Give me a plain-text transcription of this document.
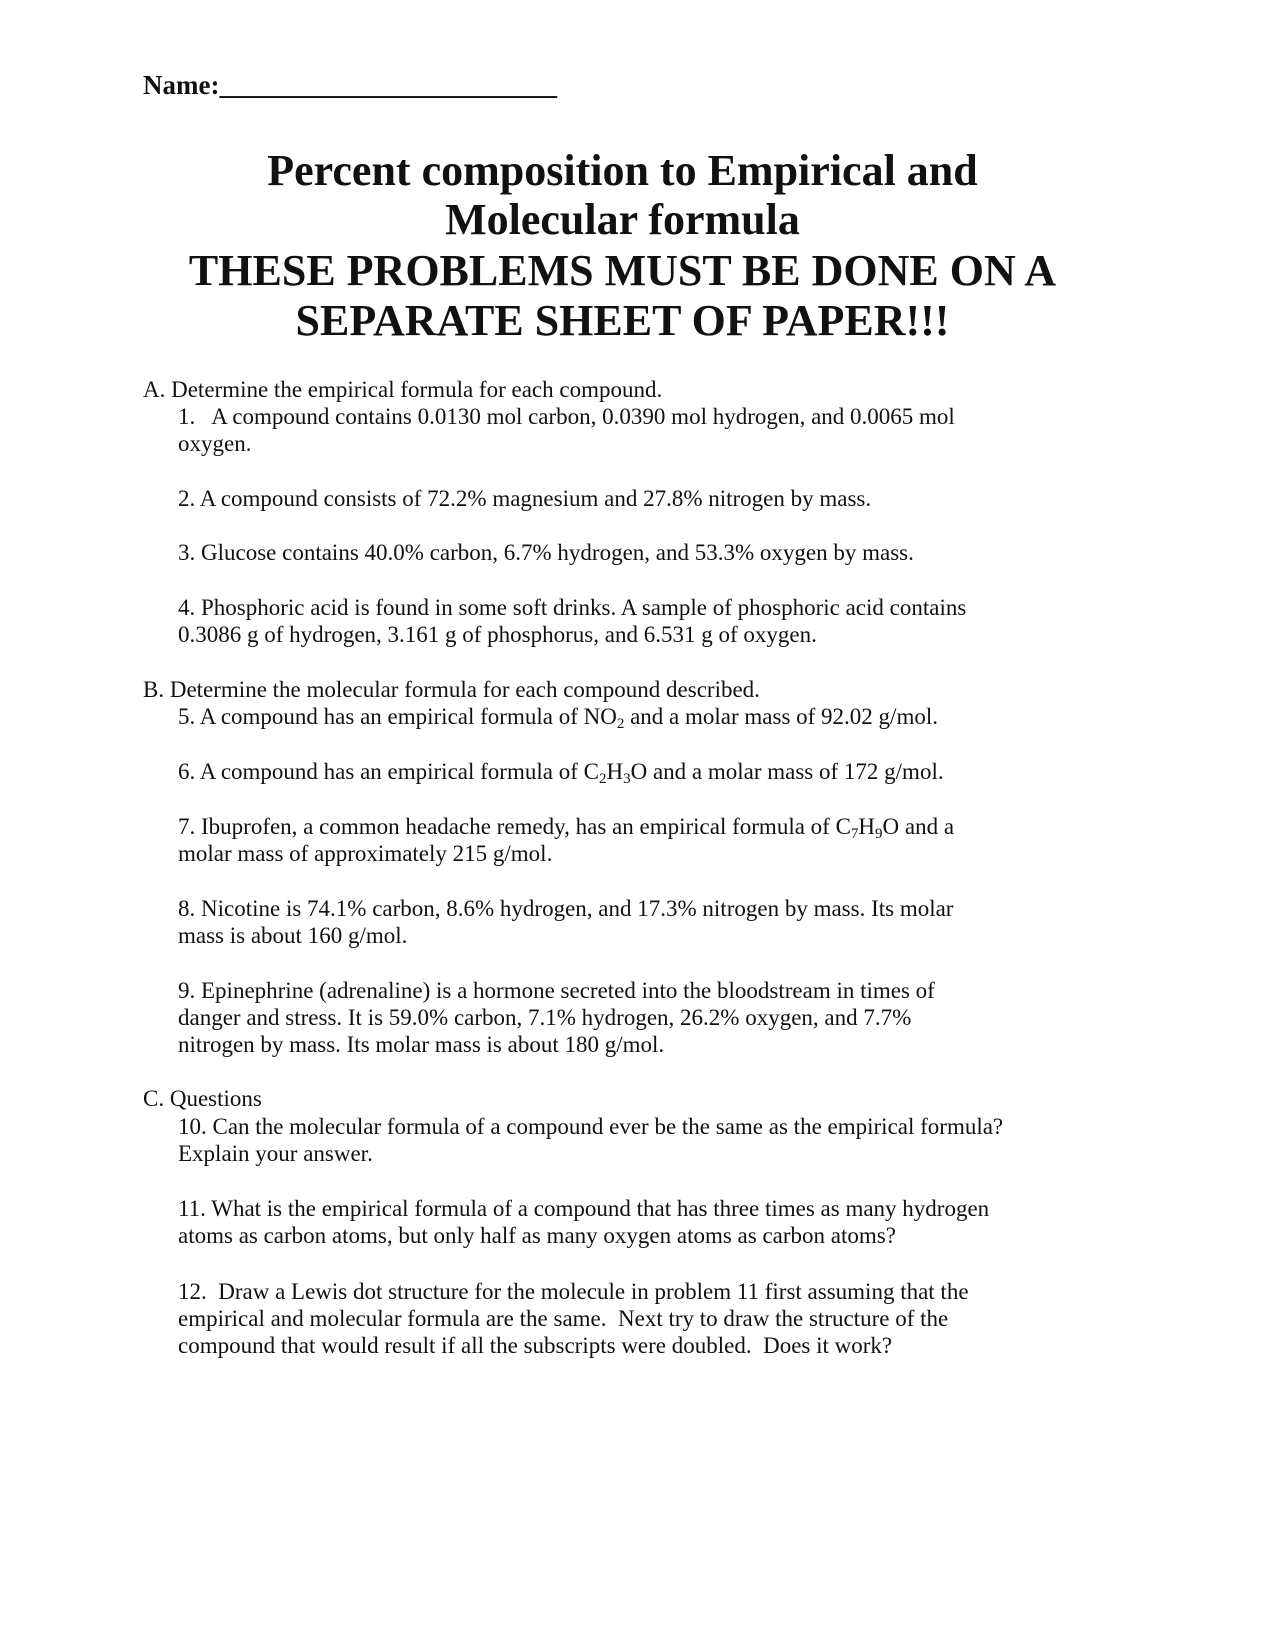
Name:_________________________
Percent composition to Empirical and
Molecular formula
THESE PROBLEMS MUST BE DONE ON A
SEPARATE SHEET OF PAPER!!!
A. Determine the empirical formula for each compound.
1.   A compound contains 0.0130 mol carbon, 0.0390 mol hydrogen, and 0.0065 mol
oxygen.
2. A compound consists of 72.2% magnesium and 27.8% nitrogen by mass.
3. Glucose contains 40.0% carbon, 6.7% hydrogen, and 53.3% oxygen by mass.
4. Phosphoric acid is found in some soft drinks. A sample of phosphoric acid contains
0.3086 g of hydrogen, 3.161 g of phosphorus, and 6.531 g of oxygen.
B. Determine the molecular formula for each compound described.
5. A compound has an empirical formula of $NO_2$ and a molar mass of 92.02 g/mol.
6. A compound has an empirical formula of $C_2H_3O$ and a molar mass of 172 g/mol.
7. Ibuprofen, a common headache remedy, has an empirical formula of $C_7H_9O$ and a
molar mass of approximately 215 g/mol.
8. Nicotine is 74.1% carbon, 8.6% hydrogen, and 17.3% nitrogen by mass. Its molar
mass is about 160 g/mol.
9. Epinephrine (adrenaline) is a hormone secreted into the bloodstream in times of
danger and stress. It is 59.0% carbon, 7.1% hydrogen, 26.2% oxygen, and 7.7%
nitrogen by mass. Its molar mass is about 180 g/mol.
C. Questions
10. Can the molecular formula of a compound ever be the same as the empirical formula?
Explain your answer.
11. What is the empirical formula of a compound that has three times as many hydrogen
atoms as carbon atoms, but only half as many oxygen atoms as carbon atoms?
12.  Draw a Lewis dot structure for the molecule in problem 11 first assuming that the
empirical and molecular formula are the same.  Next try to draw the structure of the
compound that would result if all the subscripts were doubled.  Does it work?
